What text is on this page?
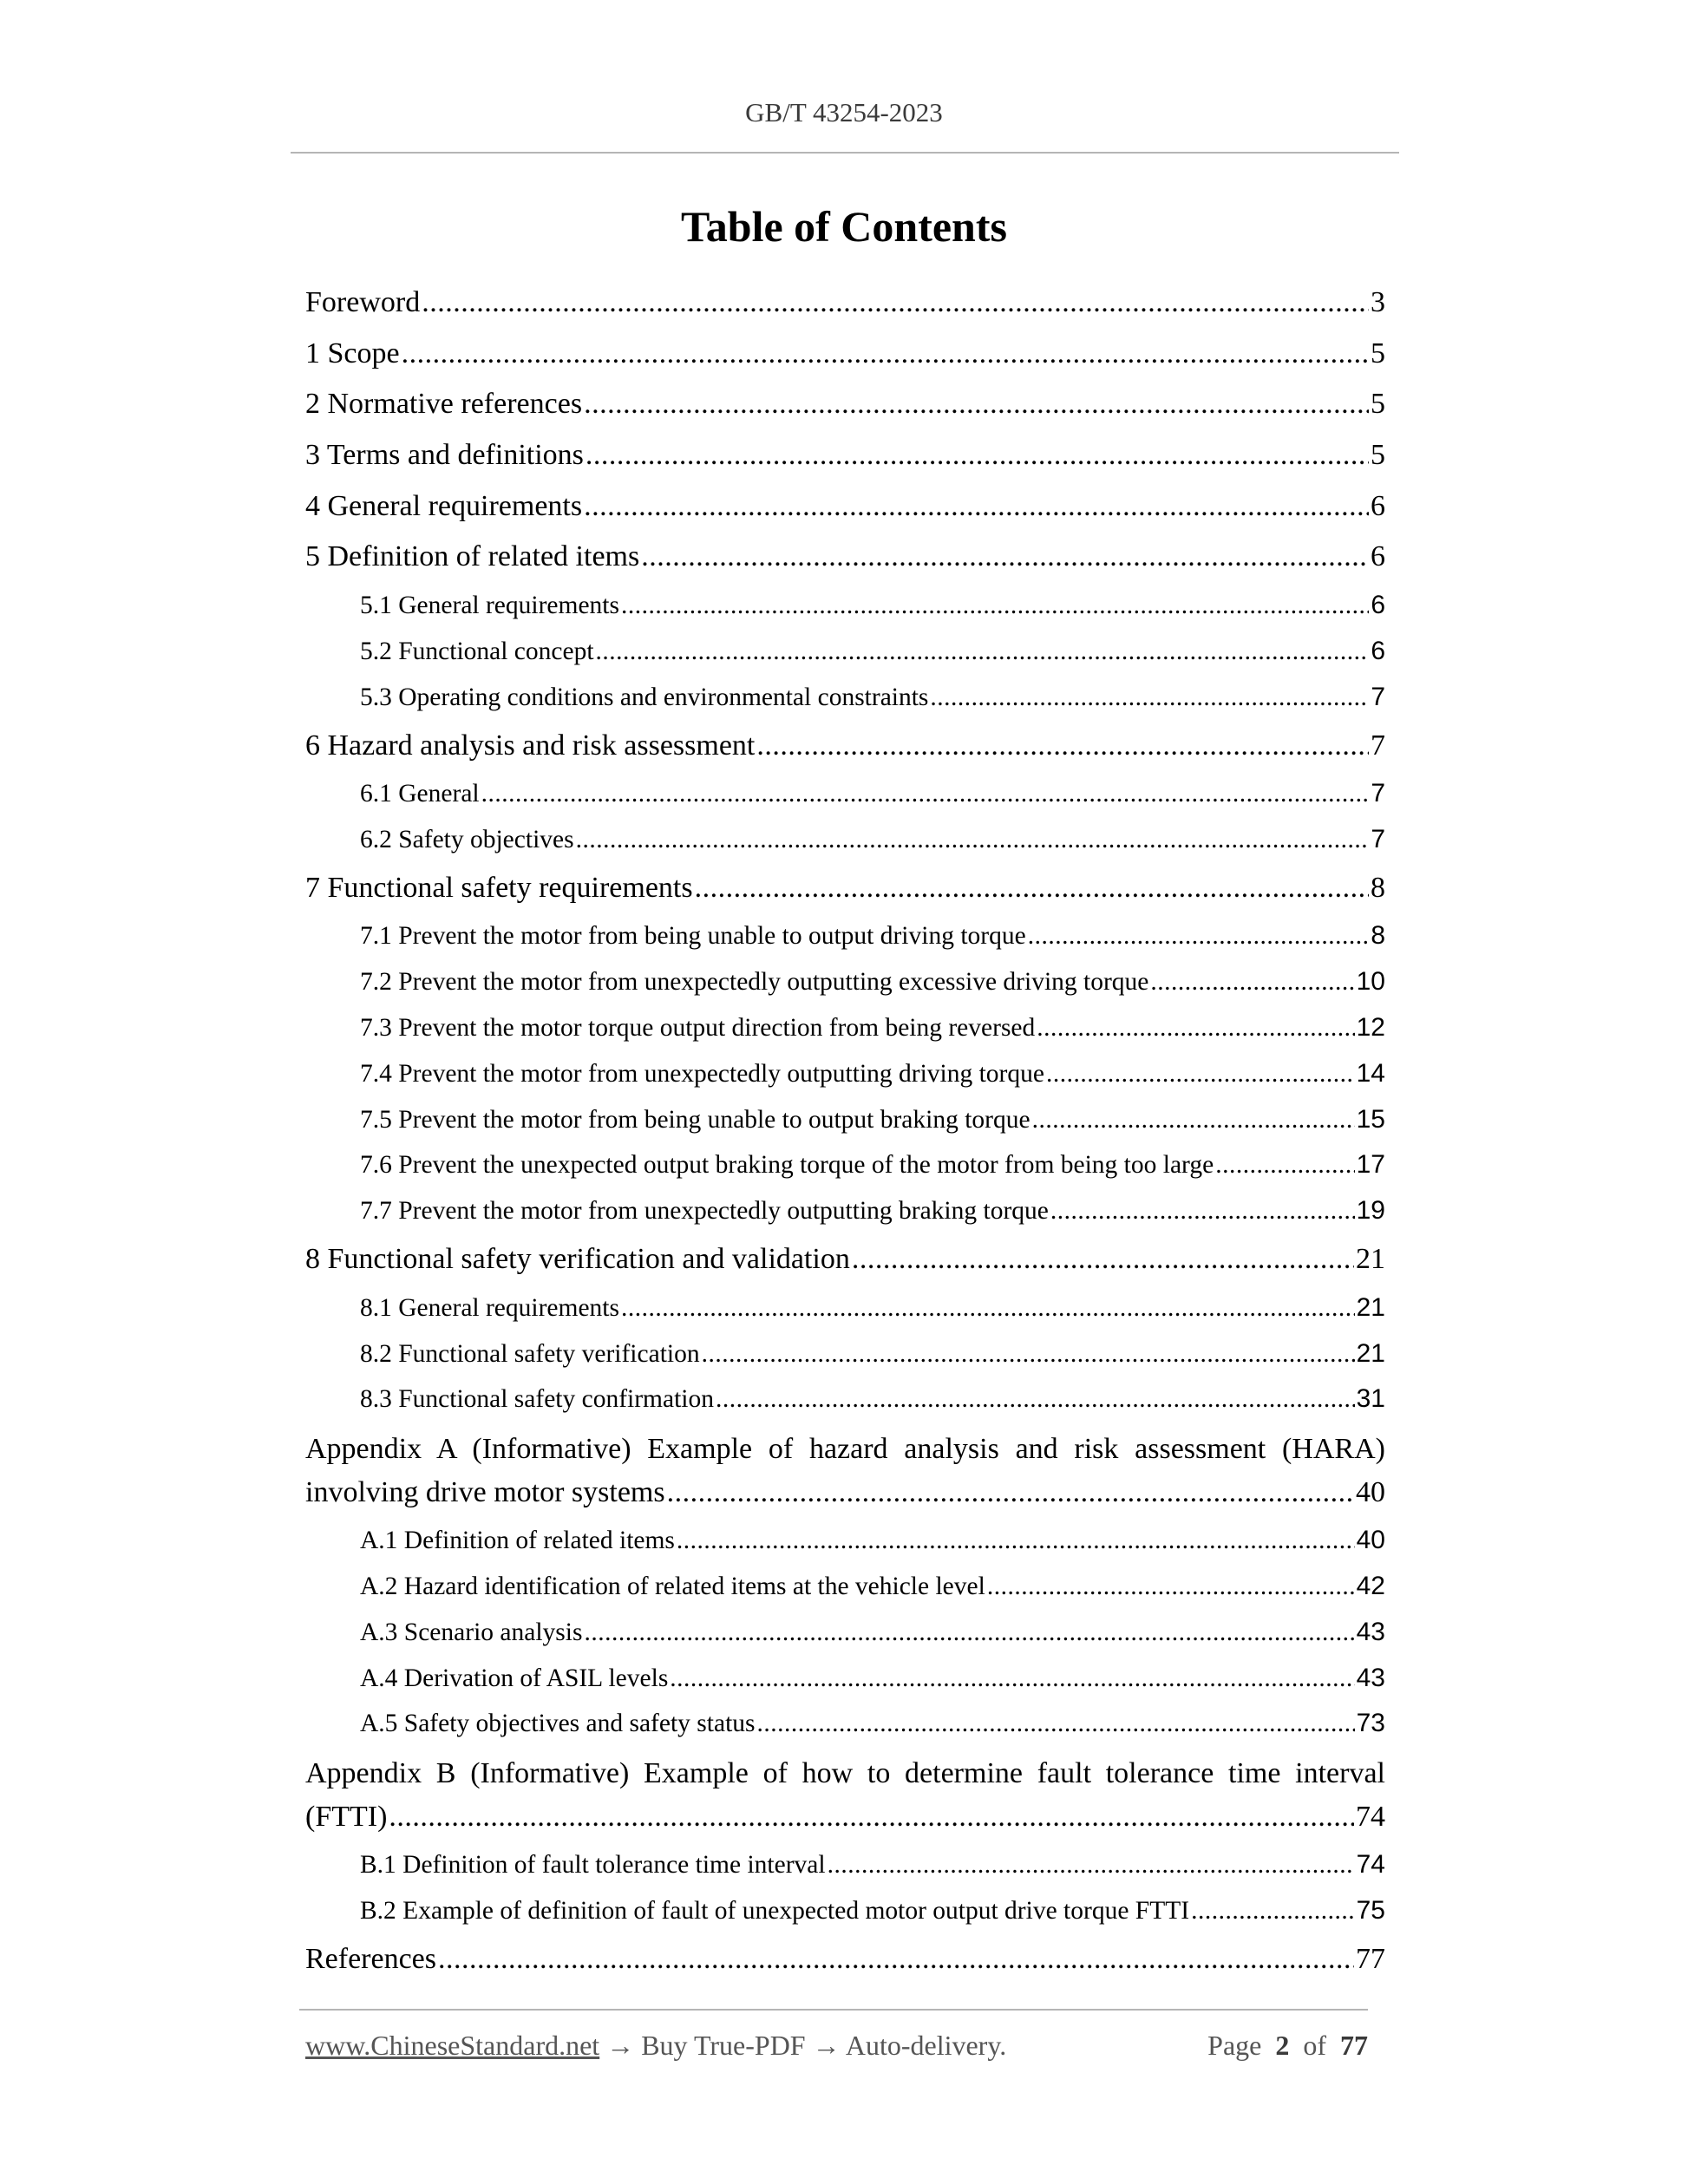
GB/T 43254-2023
Table of Contents
Foreword .....	3
1 Scope .....	5
2 Normative references .....	5
3 Terms and definitions .....	5
4 General requirements .....	6
5 Definition of related items .....	6
5.1 General requirements .....	6
5.2 Functional concept .....	6
5.3 Operating conditions and environmental constraints .....	7
6 Hazard analysis and risk assessment .....	7
6.1 General .....	7
6.2 Safety objectives .....	7
7 Functional safety requirements .....	8
7.1 Prevent the motor from being unable to output driving torque .....	8
7.2 Prevent the motor from unexpectedly outputting excessive driving torque .....	10
7.3 Prevent the motor torque output direction from being reversed .....	12
7.4 Prevent the motor from unexpectedly outputting driving torque .....	14
7.5 Prevent the motor from being unable to output braking torque .....	15
7.6 Prevent the unexpected output braking torque of the motor from being too large .....	17
7.7 Prevent the motor from unexpectedly outputting braking torque .....	19
8 Functional safety verification and validation .....	21
8.1 General requirements .....	21
8.2 Functional safety verification .....	21
8.3 Functional safety confirmation .....	31
Appendix A (Informative) Example of hazard analysis and risk assessment (HARA)
involving drive motor systems .....	40
A.1 Definition of related items .....	40
A.2 Hazard identification of related items at the vehicle level .....	42
A.3 Scenario analysis .....	43
A.4 Derivation of ASIL levels .....	43
A.5 Safety objectives and safety status .....	73
Appendix B (Informative) Example of how to determine fault tolerance time interval
(FTTI) .....	74
B.1 Definition of fault tolerance time interval .....	74
B.2 Example of definition of fault of unexpected motor output drive torque FTTI .....	75
References .....	77
www.ChineseStandard.net → Buy True-PDF → Auto-delivery.	Page 2 of 77
